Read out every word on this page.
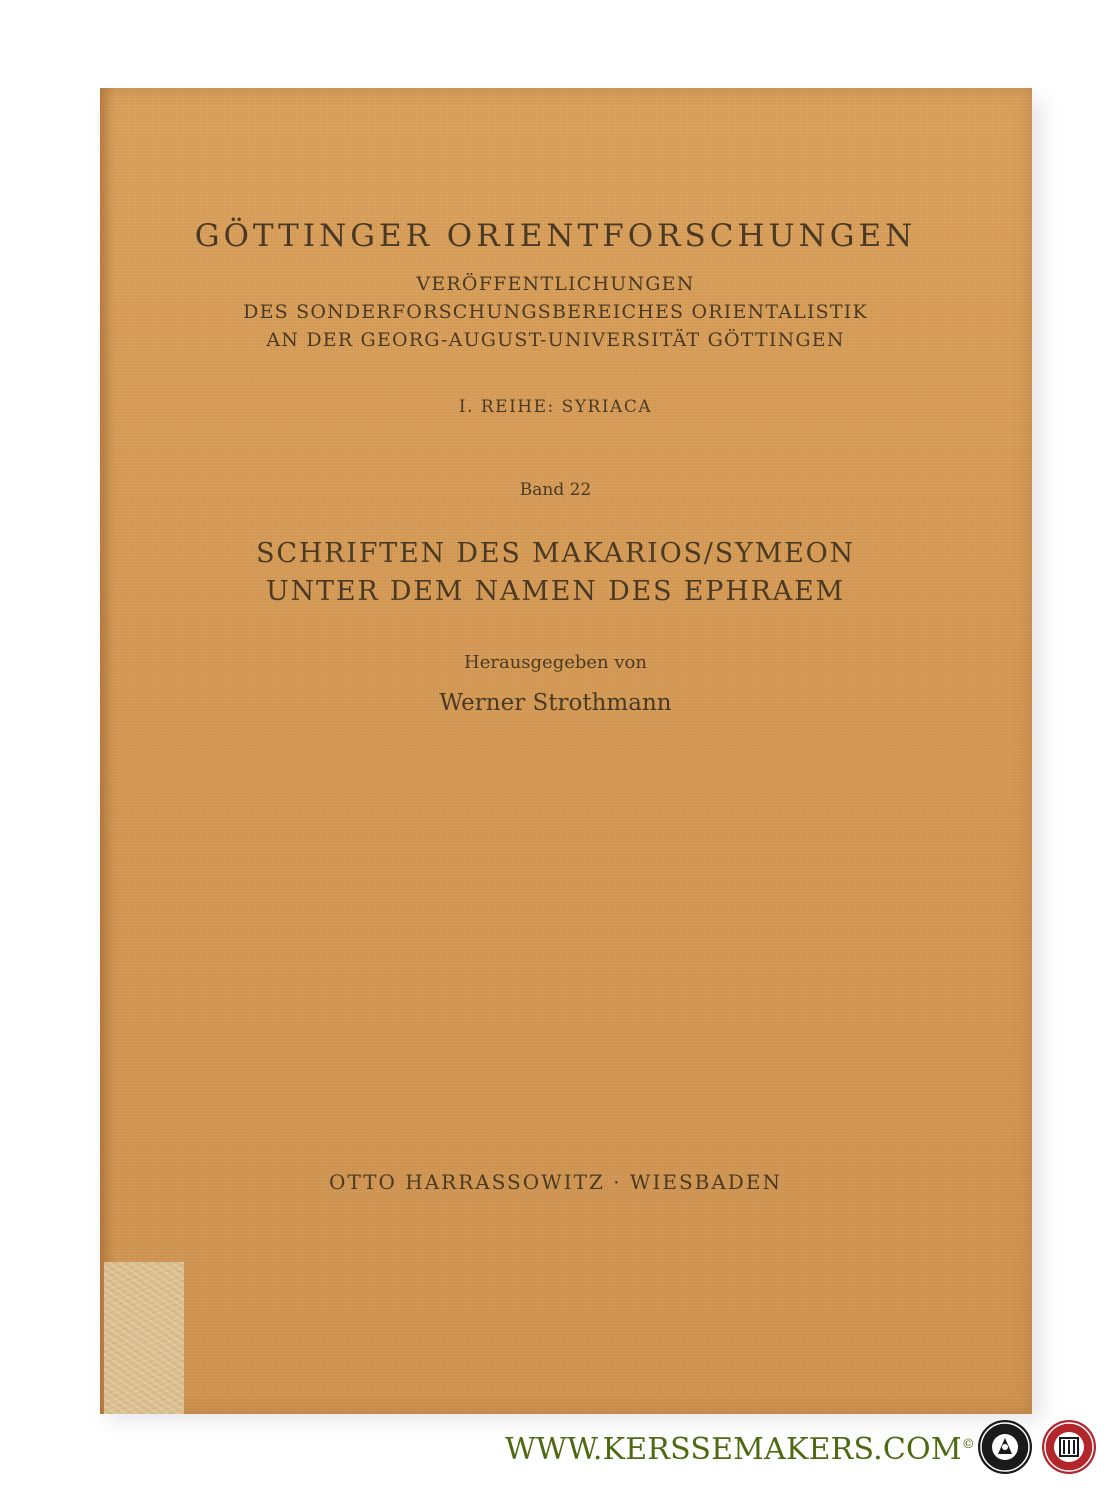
GÖTTINGER ORIENTFORSCHUNGEN
VERÖFFENTLICHUNGEN
DES SONDERFORSCHUNGSBEREICHES ORIENTALISTIK
AN DER GEORG-AUGUST-UNIVERSITÄT GÖTTINGEN
I. REIHE: SYRIACA
Band 22
SCHRIFTEN DES MAKARIOS/SYMEON
UNTER DEM NAMEN DES EPHRAEM
Herausgegeben von
Werner Strothmann
OTTO HARRASSOWITZ · WIESBADEN
WWW.KERSSEMAKERS.COM©
